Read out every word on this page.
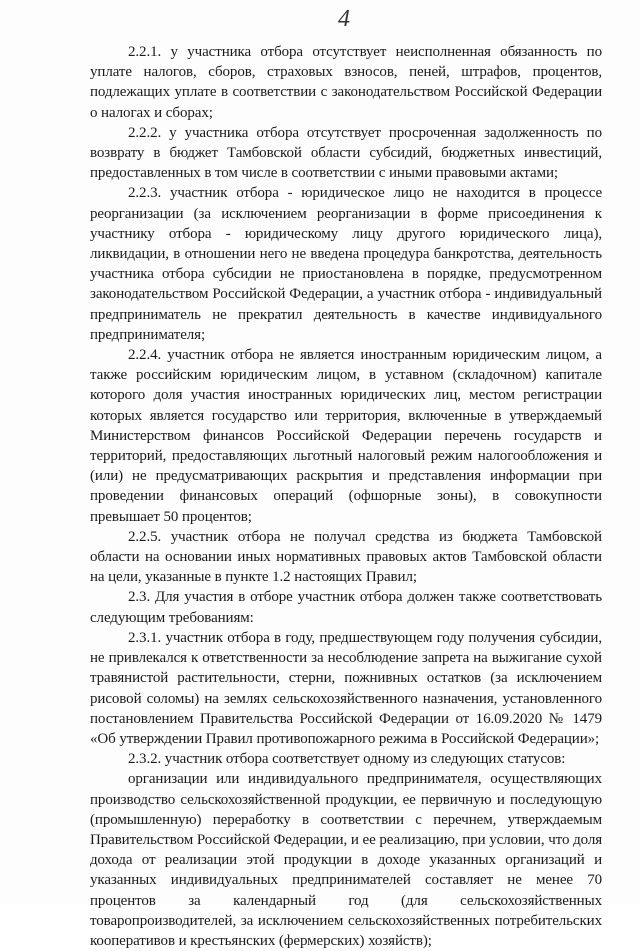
4

2.2.1. у участника отбора отсутствует неисполненная обязанность по уплате налогов, сборов, страховых взносов, пеней, штрафов, процентов, подлежащих уплате в соответствии с законодательством Российской Федерации о налогах и сборах;

2.2.2. у участника отбора отсутствует просроченная задолженность по возврату в бюджет Тамбовской области субсидий, бюджетных инвестиций, предоставленных в том числе в соответствии с иными правовыми актами;

2.2.3. участник отбора - юридическое лицо не находится в процессе реорганизации (за исключением реорганизации в форме присоединения к участнику отбора - юридическому лицу другого юридического лица), ликвидации, в отношении него не введена процедура банкротства, деятельность участника отбора субсидии не приостановлена в порядке, предусмотренном законодательством Российской Федерации, а участник отбора - индивидуальный предприниматель не прекратил деятельность в качестве индивидуального предпринимателя;

2.2.4. участник отбора не является иностранным юридическим лицом, а также российским юридическим лицом, в уставном (складочном) капитале которого доля участия иностранных юридических лиц, местом регистрации которых является государство или территория, включенные в утверждаемый Министерством финансов Российской Федерации перечень государств и территорий, предоставляющих льготный налоговый режим налогообложения и (или) не предусматривающих раскрытия и представления информации при проведении финансовых операций (офшорные зоны), в совокупности превышает 50 процентов;

2.2.5. участник отбора не получал средства из бюджета Тамбовской области на основании иных нормативных правовых актов Тамбовской области на цели, указанные в пункте 1.2 настоящих Правил;

2.3. Для участия в отборе участник отбора должен также соответствовать следующим требованиям:

2.3.1. участник отбора в году, предшествующем году получения субсидии, не привлекался к ответственности за несоблюдение запрета на выжигание сухой травянистой растительности, стерни, пожнивных остатков (за исключением рисовой соломы) на землях сельскохозяйственного назначения, установленного постановлением Правительства Российской Федерации от 16.09.2020 № 1479 «Об утверждении Правил противопожарного режима в Российской Федерации»;

2.3.2. участник отбора соответствует одному из следующих статусов:

организации или индивидуального предпринимателя, осуществляющих производство сельскохозяйственной продукции, ее первичную и последующую (промышленную) переработку в соответствии с перечнем, утверждаемым Правительством Российской Федерации, и ее реализацию, при условии, что доля дохода от реализации этой продукции в доходе указанных организаций и указанных индивидуальных предпринимателей составляет не менее 70 процентов за календарный год (для сельскохозяйственных товаропроизводителей, за исключением сельскохозяйственных потребительских кооперативов и крестьянских (фермерских) хозяйств);
